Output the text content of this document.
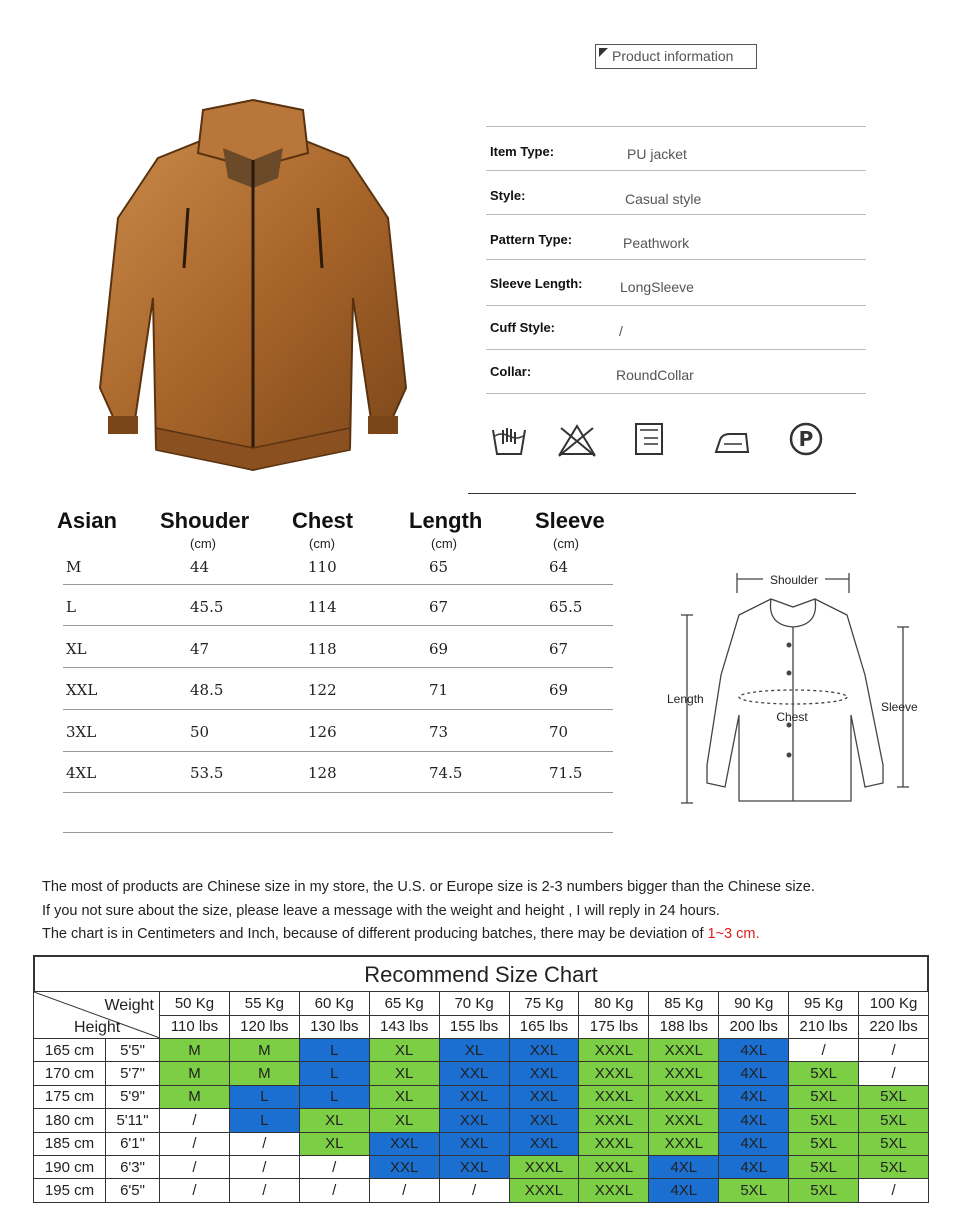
Product information
Item Type:	PU jacket
Style:	Casual style
Pattern Type:	Peathwork
Sleeve Length:	LongSleeve
Cuff Style:	/
Collar:	RoundCollar
P
Asian Shouder Chest	Length Sleeve
(cm)	(cm)	(cm)	(cm)
M	44	110	65	64
L	45.5	114	67	65.5
XL	47	118	69	67
XXL	48.5	122	71	69
3XL	50	126	73	70
4XL	53.5	128	74.5	71.5
Shoulder
Length
Chest
Sleeve
The most of products are Chinese size in my store, the U.S. or Europe size is 2-3 numbers bigger than the Chinese size.
If you not sure about the size, please leave a message with the weight and height , I will reply in 24 hours.
The chart is in Centimeters and Inch, because of different producing batches, there may be deviation of 1~3 cm.
Recommend Size Chart
Weight
Height		50 Kg	55 Kg	60 Kg	65 Kg	70 Kg	75 Kg	80 Kg	85 Kg	90 Kg	95 Kg	100 Kg
		110 lbs	120 lbs	130 lbs	143 lbs	155 lbs	165 lbs	175 lbs	188 lbs	200 lbs	210 lbs	220 lbs
165 cm	5'5"	M	M	L	XL	XL	XXL	XXXL	XXXL	4XL	/	/
170 cm	5'7"	M	M	L	XL	XXL	XXL	XXXL	XXXL	4XL	5XL	/
175 cm	5'9"	M	L	L	XL	XXL	XXL	XXXL	XXXL	4XL	5XL	5XL
180 cm	5'11"	/	L	XL	XL	XXL	XXL	XXXL	XXXL	4XL	5XL	5XL
185 cm	6'1"	/	/	XL	XXL	XXL	XXL	XXXL	XXXL	4XL	5XL	5XL
190 cm	6'3"	/	/	/	XXL	XXL	XXXL	XXXL	4XL	4XL	5XL	5XL
195 cm	6'5"	/	/	/	/	/	XXXL	XXXL	4XL	5XL	5XL	/
